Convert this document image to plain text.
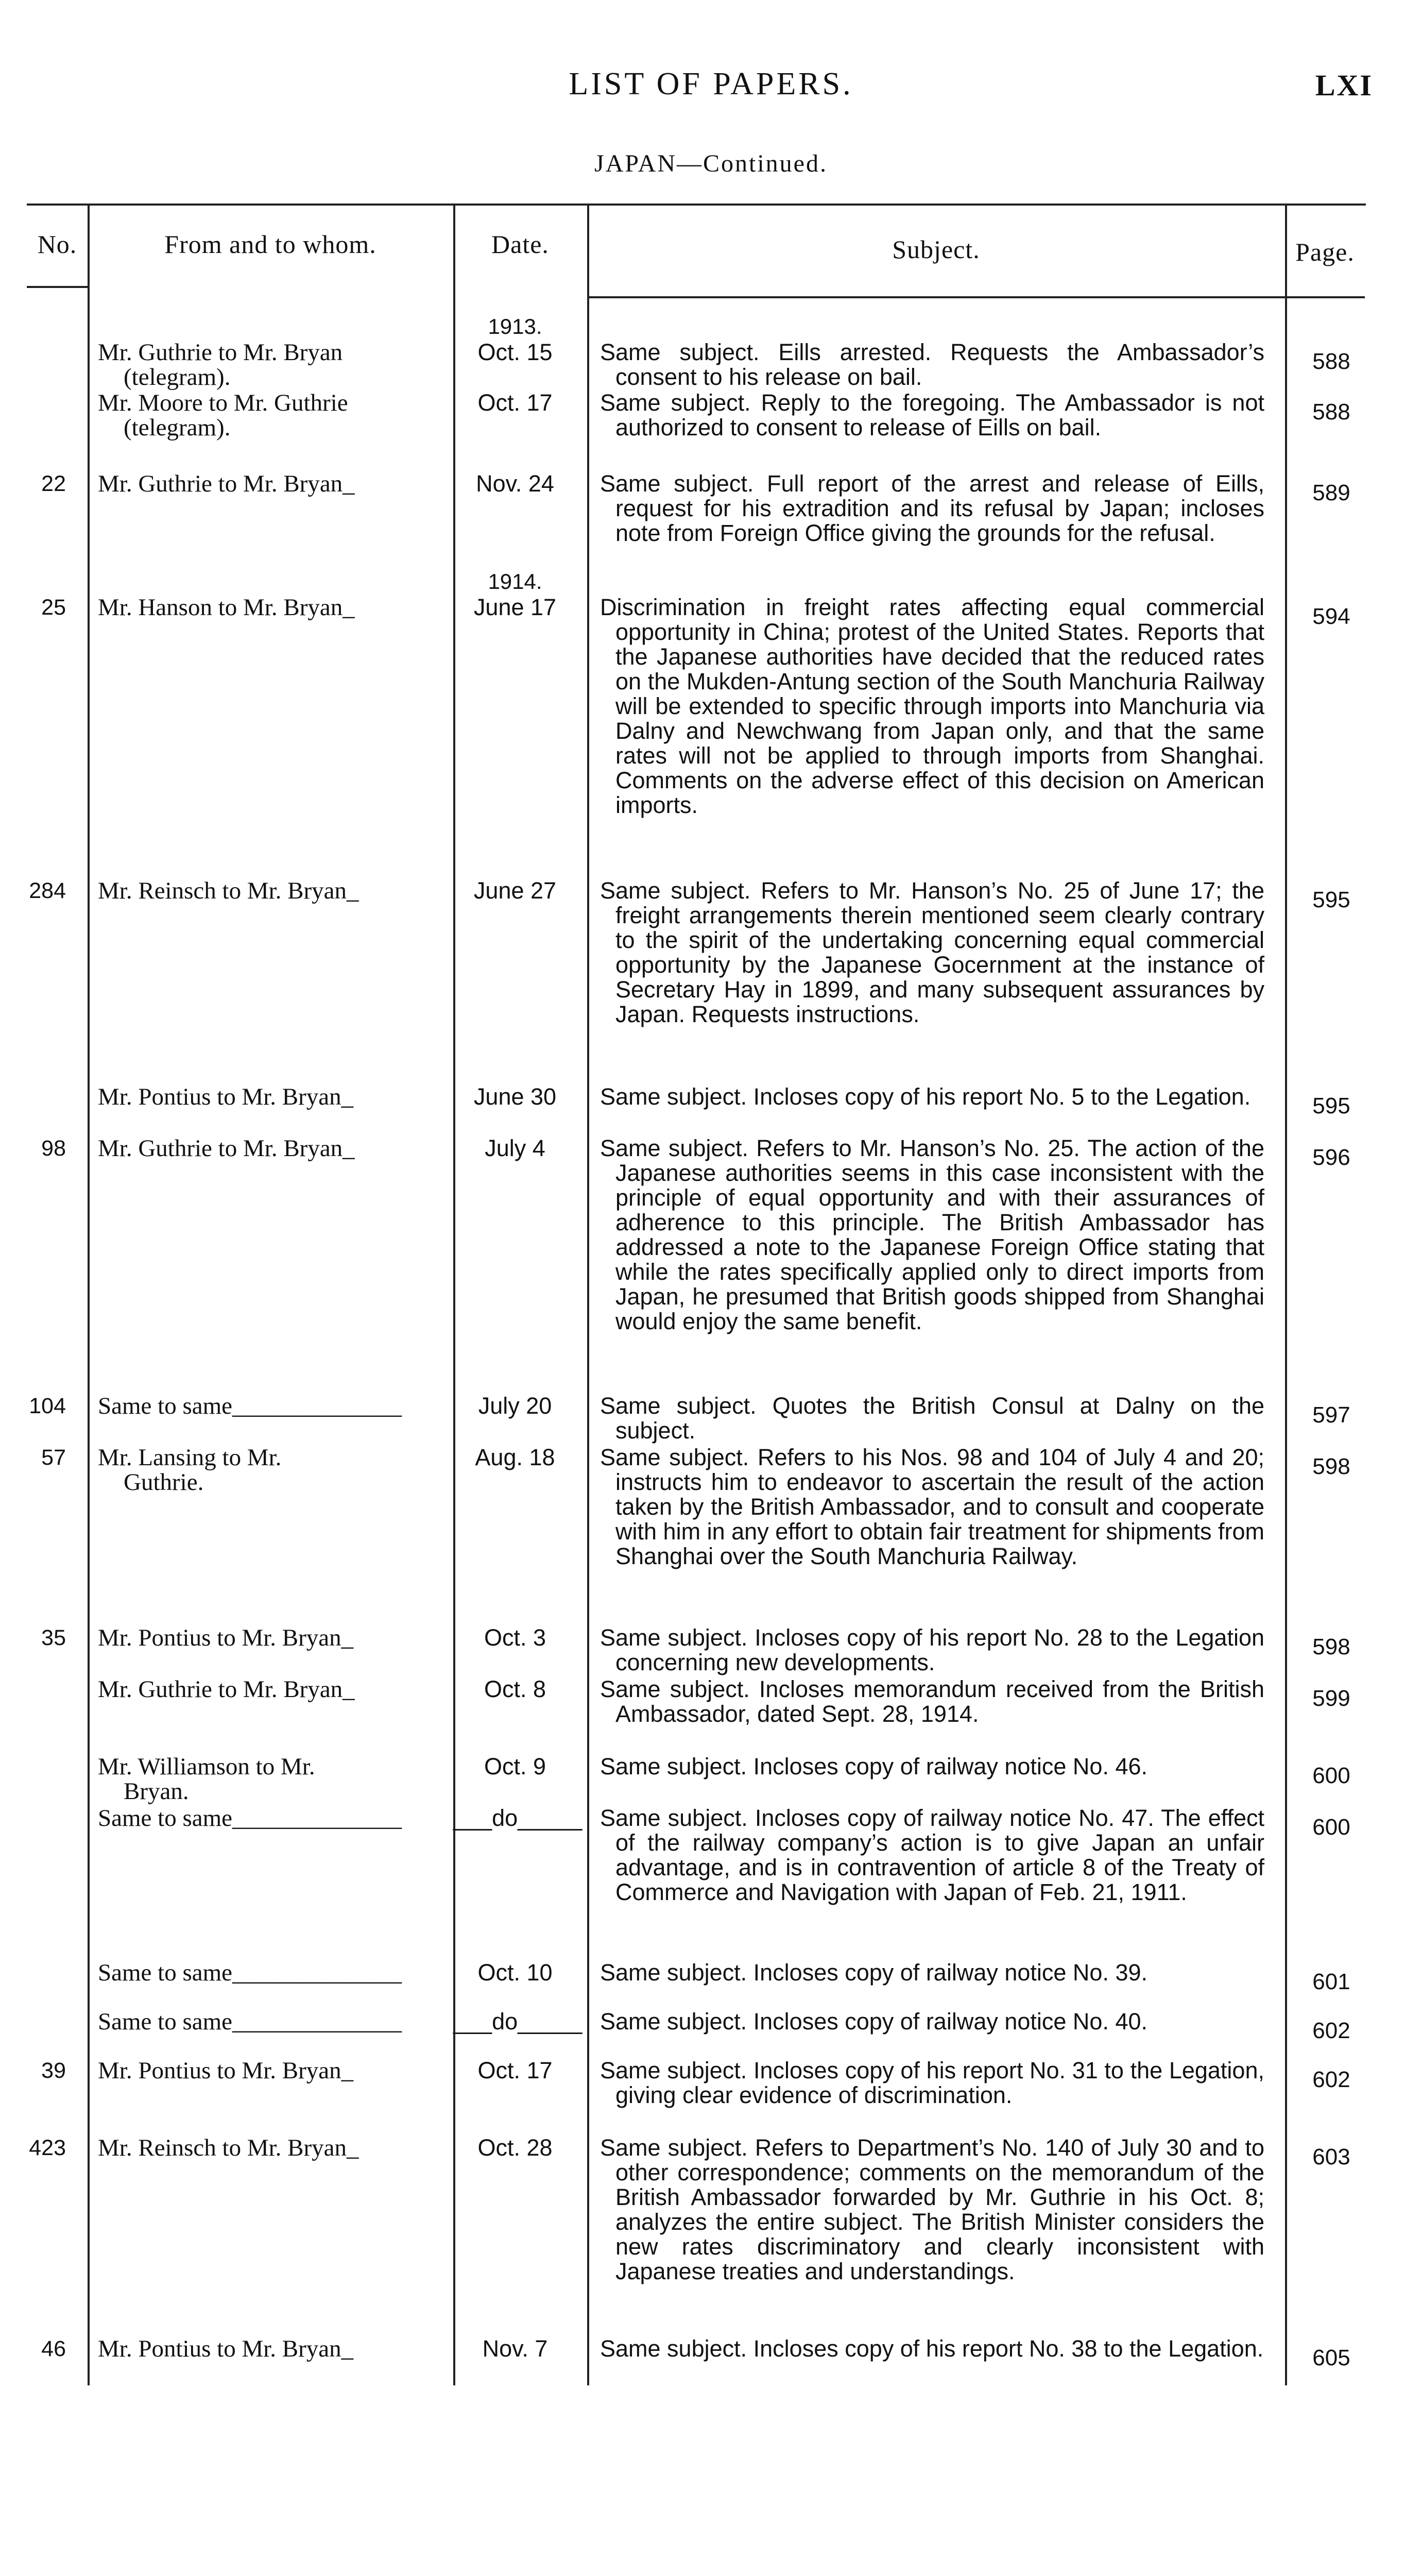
LIST OF PAPERS.	LXI
JAPAN—Continued.
No.	From and to whom.	Date.	Subject.	Page.
1913.
Mr. Guthrie to Mr. Bryan
(telegram).
Oct. 15	Same subject. Eills arrested. Requests the Ambassador’s consent to his release on bail.
588
Mr. Moore to Mr. Guthrie
(telegram).
Oct. 17	Same subject. Reply to the foregoing. The Ambassador is not authorized to consent to release of Eills on bail.
588
22 Mr. Guthrie to Mr. Bryan_	Nov. 24	Same subject. Full report of the arrest and release of Eills, request for his extradition and its refusal by Japan; incloses note from Foreign Office giving the grounds for the refusal.
589
1914.
25 Mr. Hanson to Mr. Bryan_	June 17	Discrimination in freight rates affecting equal commercial opportunity in China; protest of the United States. Reports that the Japanese authorities have decided that the reduced rates on the Mukden-Antung section of the South Manchuria Railway will be extended to specific through imports into Manchuria via Dalny and Newchwang from Japan only, and that the same rates will not be applied to through imports from Shanghai. Comments on the adverse effect of this decision on American imports.
594
284 Mr. Reinsch to Mr. Bryan_	June 27	Same subject. Refers to Mr. Hanson’s No. 25 of June 17; the freight arrangements therein mentioned seem clearly contrary to the spirit of the undertaking concerning equal commercial opportunity by the Japanese Gocernment at the instance of Secretary Hay in 1899, and many subsequent assurances by Japan. Requests instructions.
595
Mr. Pontius to Mr. Bryan_	June 30	Same subject. Incloses copy of his report No. 5 to the Legation.	595
98 Mr. Guthrie to Mr. Bryan_	July 4	Same subject. Refers to Mr. Hanson’s No. 25. The action of the Japanese authorities seems in this case inconsistent with the principle of equal opportunity and with their assurances of adherence to this principle. The British Ambassador has addressed a note to the Japanese Foreign Office stating that while the rates specifically applied only to direct imports from Japan, he presumed that British goods shipped from Shanghai would enjoy the same benefit.
596
104 Same to same______________	July 20	Same subject. Quotes the British Consul at Dalny on the subject.
597
57 Mr. Lansing to Mr.
Guthrie.
Aug. 18	Same subject. Refers to his Nos. 98 and 104 of July 4 and 20; instructs him to endeavor to ascertain the result of the action taken by the British Ambassador, and to consult and cooperate with him in any effort to obtain fair treatment for shipments from Shanghai over the South Manchuria Railway.
598
35 Mr. Pontius to Mr. Bryan_	Oct. 3	Same subject. Incloses copy of his report No. 28 to the Legation concerning new developments.
598
Mr. Guthrie to Mr. Bryan_	Oct. 8	Same subject. Incloses memorandum received from the British Ambassador, dated Sept. 28, 1914.
599
Mr. Williamson to Mr.
Bryan.
Oct. 9	Same subject. Incloses copy of railway notice No. 46.	600
Same to same______________	___do_____ Same subject. Incloses copy of railway notice No. 47. The effect of the railway company’s action is to give Japan an unfair advantage, and is in contravention of article 8 of the Treaty of Commerce and Navigation with Japan of Feb. 21, 1911.
600
Same to same______________	Oct. 10	Same subject. Incloses copy of railway notice No. 39.	601
Same to same______________	___do_____ Same subject. Incloses copy of railway notice No. 40.	602
39 Mr. Pontius to Mr. Bryan_	Oct. 17	Same subject. Incloses copy of his report No. 31 to the Legation, giving clear evidence of discrimination.
602
423 Mr. Reinsch to Mr. Bryan_	Oct. 28	Same subject. Refers to Department’s No. 140 of July 30 and to other correspondence; comments on the memorandum of the British Ambassador forwarded by Mr. Guthrie in his Oct. 8; analyzes the entire subject. The British Minister considers the new rates discriminatory and clearly inconsistent with Japanese treaties and understandings.
603
46 Mr. Pontius to Mr. Bryan_	Nov. 7	Same subject. Incloses copy of his report No. 38 to the Legation.	605
